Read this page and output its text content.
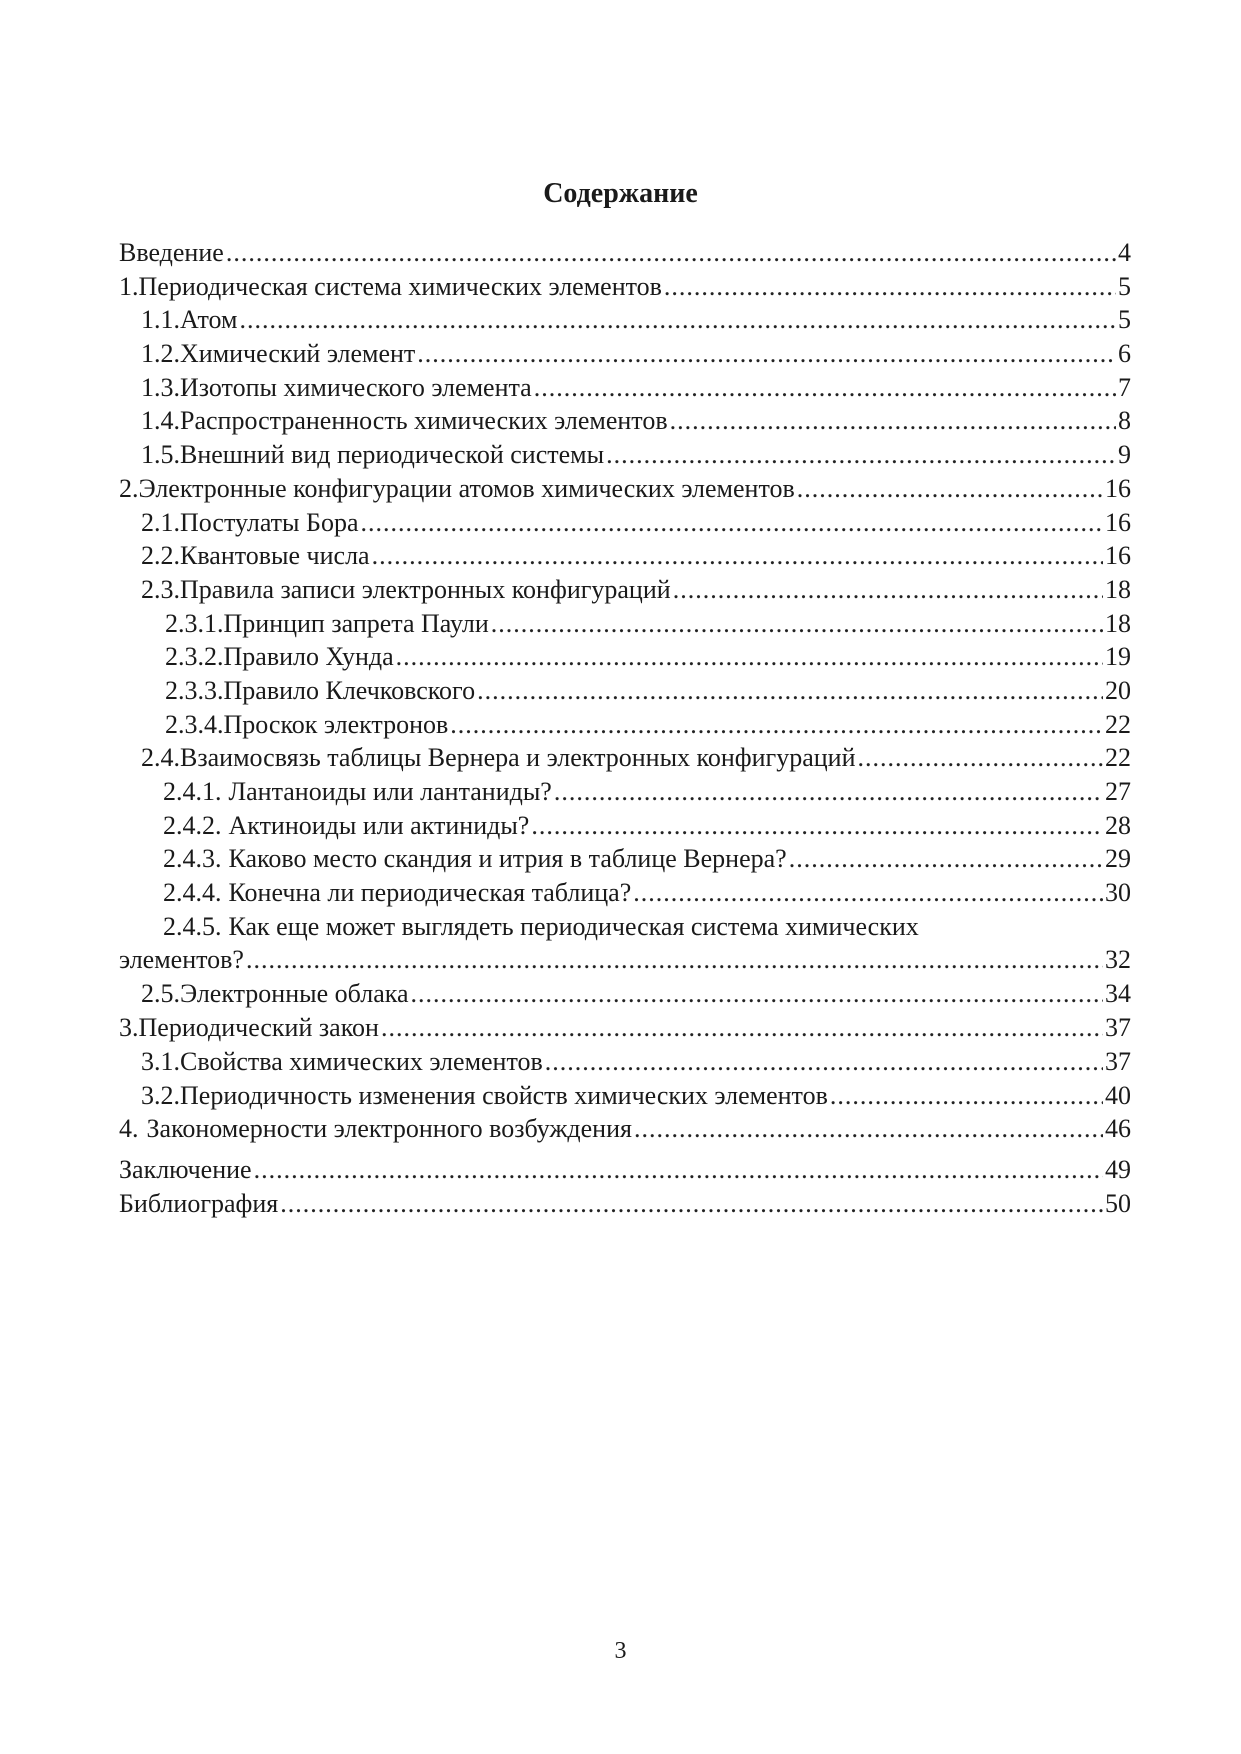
Содержание
Введение .....	4
1. Периодическая система химических элементов .....	5
1.1. Атом .....	5
1.2. Химический элемент .....	6
1.3. Изотопы химического элемента .....	7
1.4. Распространенность химических элементов .....	8
1.5. Внешний вид периодической системы .....	9
2. Электронные конфигурации атомов химических элементов .....	16
2.1. Постулаты Бора .....	16
2.2. Квантовые числа .....	16
2.3. Правила записи электронных конфигураций .....	18
2.3.1. Принцип запрета Паули .....	18
2.3.2. Правило Хунда .....	19
2.3.3. Правило Клечковского .....	20
2.3.4. Проскок электронов .....	22
2.4. Взаимосвязь таблицы Вернера и электронных конфигураций .....	22
2.4.1. Лантаноиды или лантаниды? .....	27
2.4.2. Актиноиды или актиниды? .....	28
2.4.3. Каково место скандия и итрия в таблице Вернера? .....	29
2.4.4. Конечна ли периодическая таблица? .....	30
2.4.5. Как еще может выглядеть периодическая система химических
элементов? .....	32
2.5. Электронные облака .....	34
3. Периодический закон .....	37
3.1. Свойства химических элементов .....	37
3.2. Периодичность изменения свойств химических элементов .....	40
4. Закономерности электронного возбуждения .....	46
Заключение .....	49
Библиография .....	50
3
